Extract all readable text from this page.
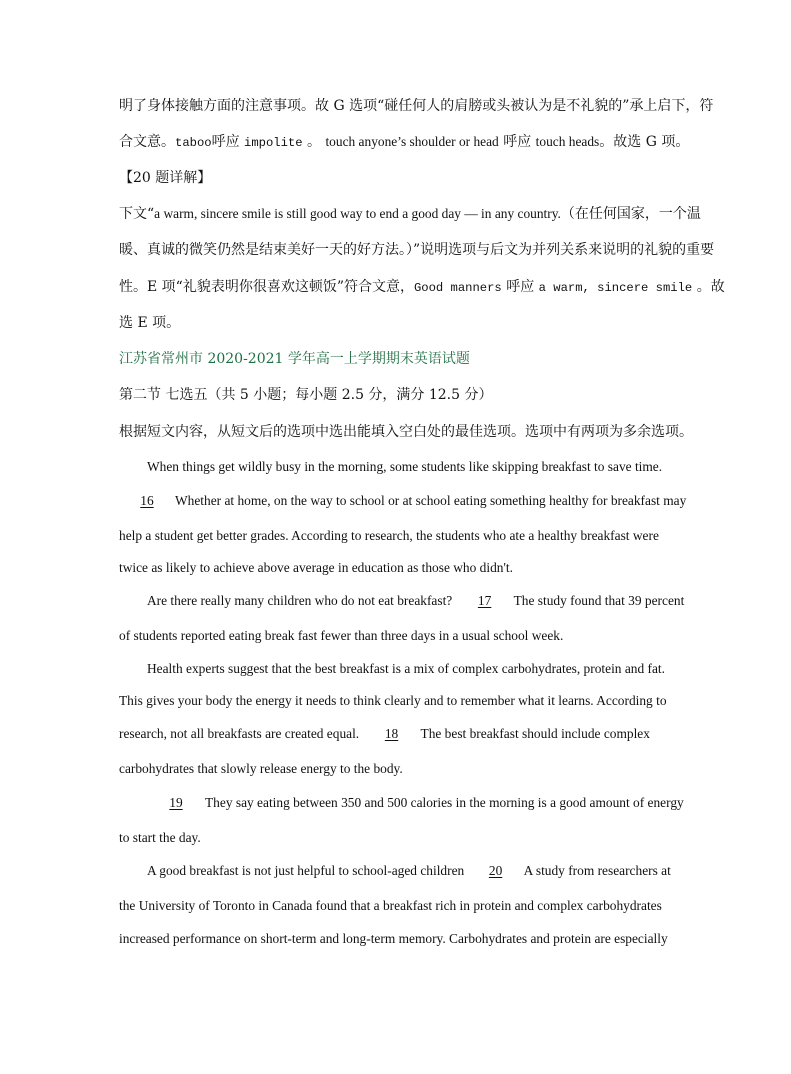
明了身体接触方面的注意事项。故 G 选项“碰任何人的肩膀或头被认为是不礼貌的”承上启下，符
合文意。taboo呼应 impolite 。 touch anyone’s shoulder or head 呼应 touch heads。故选 G 项。
【20 题详解】
下文“a warm, sincere smile is still good way to end a good day — in any country.（在任何国家，一个温
暖、真诚的微笑仍然是结束美好一天的好方法。）”说明选项与后文为并列关系来说明的礼貌的重要
性。E 项“礼貌表明你很喜欢这顿饭”符合文意，Good manners 呼应 a warm, sincere smile 。故
选 E 项。
江苏省常州市 2020-2021 学年高一上学期期末英语试题
第二节 七选五（共 5 小题；每小题 2.5 分，满分 12.5 分）
根据短文内容，从短文后的选项中选出能填入空白处的最佳选项。选项中有两项为多余选项。
When things get wildly busy in the morning, some students like skipping breakfast to save time.
16 Whether at home, on the way to school or at school eating something healthy for breakfast may
help a student get better grades. According to research, the students who ate a healthy breakfast were
twice as likely to achieve above average in education as those who didn't.
Are there really many children who do not eat breakfast? 17 The study found that 39 percent
of students reported eating break fast fewer than three days in a usual school week.
Health experts suggest that the best breakfast is a mix of complex carbohydrates, protein and fat.
This gives your body the energy it needs to think clearly and to remember what it learns. According to
research, not all breakfasts are created equal. 18 The best breakfast should include complex
carbohydrates that slowly release energy to the body.
19 They say eating between 350 and 500 calories in the morning is a good amount of energy
to start the day.
A good breakfast is not just helpful to school-aged children 20 A study from researchers at
the University of Toronto in Canada found that a breakfast rich in protein and complex carbohydrates
increased performance on short-term and long-term memory. Carbohydrates and protein are especially
